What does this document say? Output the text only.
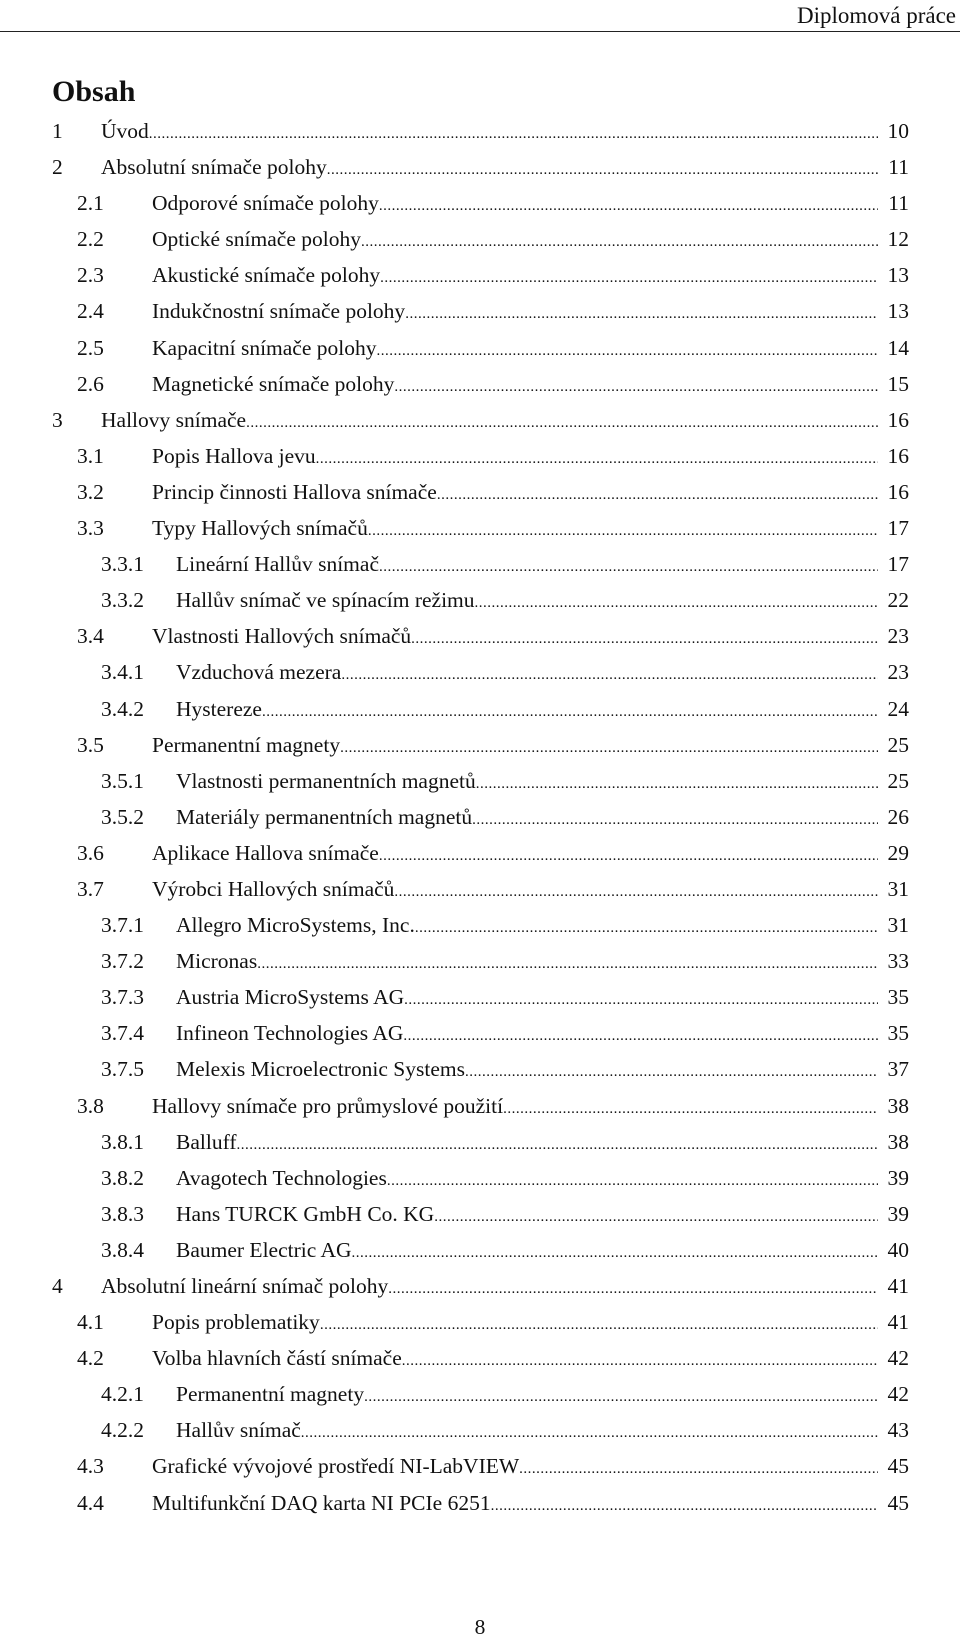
Diplomová práce
Obsah
1 Úvod .....	10
2 Absolutní snímače polohy .....	11
2.1 Odporové snímače polohy .....	11
2.2 Optické snímače polohy .....	12
2.3 Akustické snímače polohy .....	13
2.4 Indukčnostní snímače polohy .....	13
2.5 Kapacitní snímače polohy .....	14
2.6 Magnetické snímače polohy .....	15
3 Hallovy snímače .....	16
3.1 Popis Hallova jevu .....	16
3.2 Princip činnosti Hallova snímače .....	16
3.3 Typy Hallových snímačů .....	17
3.3.1 Lineární Hallův snímač .....	17
3.3.2 Hallův snímač ve spínacím režimu .....	22
3.4 Vlastnosti Hallových snímačů .....	23
3.4.1 Vzduchová mezera .....	23
3.4.2 Hystereze .....	24
3.5 Permanentní magnety .....	25
3.5.1 Vlastnosti permanentních magnetů .....	25
3.5.2 Materiály permanentních magnetů .....	26
3.6 Aplikace Hallova snímače .....	29
3.7 Výrobci Hallových snímačů .....	31
3.7.1 Allegro MicroSystems, Inc. .....	31
3.7.2 Micronas .....	33
3.7.3 Austria MicroSystems AG .....	35
3.7.4 Infineon Technologies AG .....	35
3.7.5 Melexis Microelectronic Systems .....	37
3.8 Hallovy snímače pro průmyslové použití .....	38
3.8.1 Balluff .....	38
3.8.2 Avagotech Technologies .....	39
3.8.3 Hans TURCK GmbH Co. KG .....	39
3.8.4 Baumer Electric AG .....	40
4 Absolutní lineární snímač polohy .....	41
4.1 Popis problematiky .....	41
4.2 Volba hlavních částí snímače .....	42
4.2.1 Permanentní magnety .....	42
4.2.2 Hallův snímač .....	43
4.3 Grafické vývojové prostředí NI-LabVIEW .....	45
4.4 Multifunkční DAQ karta NI PCIe 6251 .....	45
8
